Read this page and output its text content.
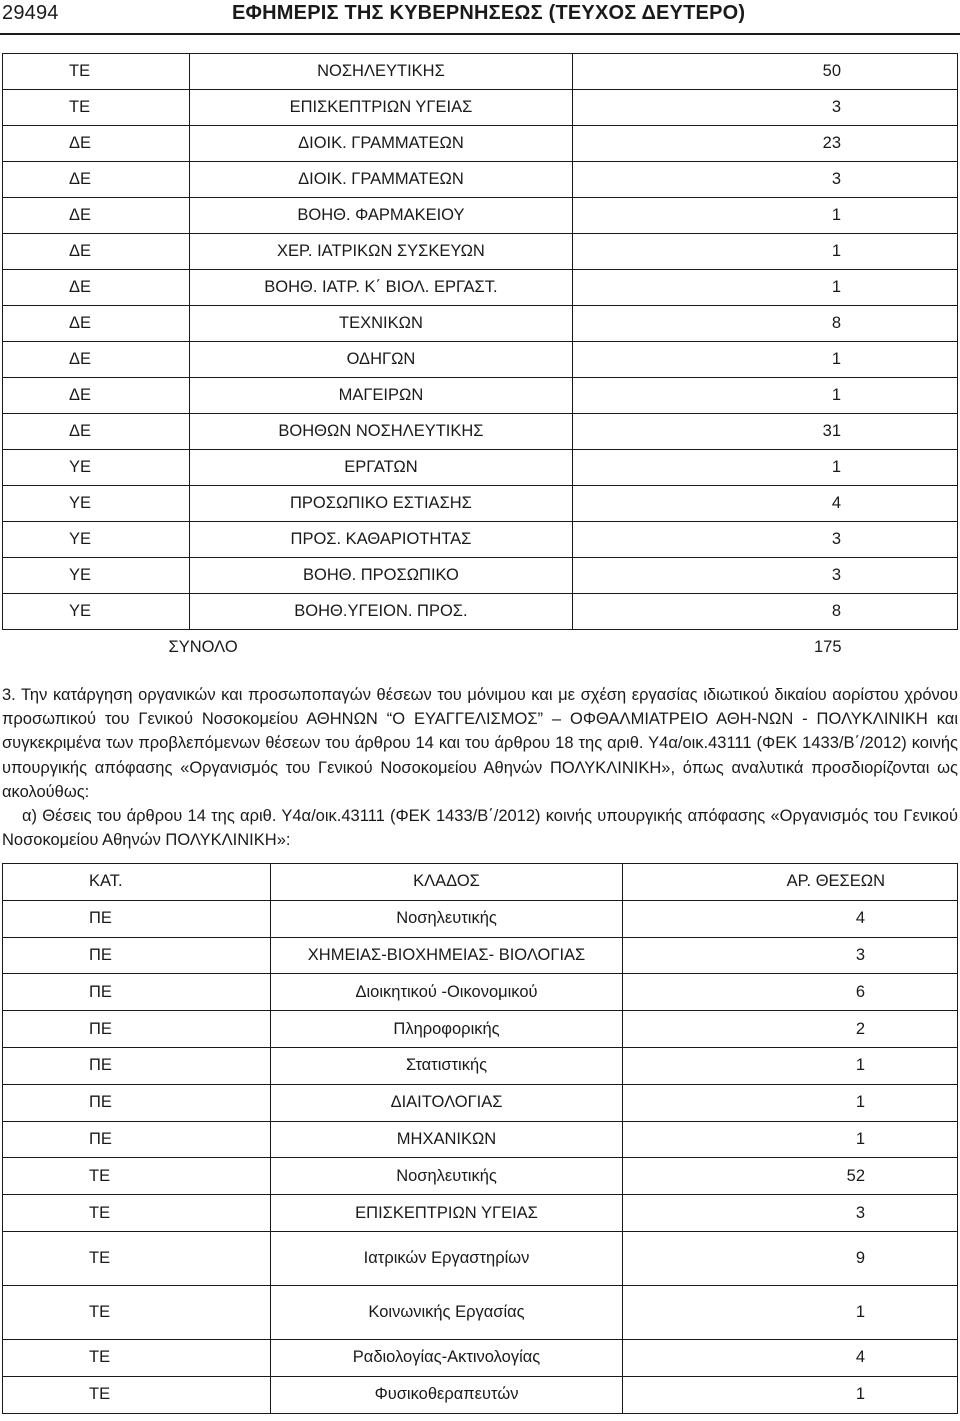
29494	ΕΦΗΜΕΡΙΣ ΤΗΣ ΚΥΒΕΡΝΗΣΕΩΣ (ΤΕΥΧΟΣ ΔΕΥΤΕΡΟ)
ΤΕ	ΝΟΣΗΛΕΥΤΙΚΗΣ	50
ΤΕ	ΕΠΙΣΚΕΠΤΡΙΩΝ ΥΓΕΙΑΣ	3
ΔΕ	ΔΙΟΙΚ. ΓΡΑΜΜΑΤΕΩΝ	23
ΔΕ	ΔΙΟΙΚ. ΓΡΑΜΜΑΤΕΩΝ	3
ΔΕ	ΒΟΗΘ. ΦΑΡΜΑΚΕΙΟΥ	1
ΔΕ	ΧΕΡ. ΙΑΤΡΙΚΩΝ ΣΥΣΚΕΥΩΝ	1
ΔΕ	ΒΟΗΘ. ΙΑΤΡ. Κ΄ ΒΙΟΛ. ΕΡΓΑΣΤ.	1
ΔΕ	ΤΕΧΝΙΚΩΝ	8
ΔΕ	ΟΔΗΓΩΝ	1
ΔΕ	ΜΑΓΕΙΡΩΝ	1
ΔΕ	ΒΟΗΘΩΝ ΝΟΣΗΛΕΥΤΙΚΗΣ	31
ΥΕ	ΕΡΓΑΤΩΝ	1
ΥΕ	ΠΡΟΣΩΠΙΚΟ ΕΣΤΙΑΣΗΣ	4
ΥΕ	ΠΡΟΣ. ΚΑΘΑΡΙΟΤΗΤΑΣ	3
ΥΕ	ΒΟΗΘ. ΠΡΟΣΩΠΙΚΟ	3
ΥΕ	ΒΟΗΘ.ΥΓΕΙΟΝ. ΠΡΟΣ.	8
ΣΥΝΟΛΟ		175

3. Την κατάργηση οργανικών και προσωποπαγών θέσεων του μόνιμου και με σχέση εργασίας ιδιωτικού δικαίου αορίστου χρόνου προσωπικού του Γενικού Νοσοκομείου ΑΘΗΝΩΝ “Ο ΕΥΑΓΓΕΛΙΣΜΟΣ” – ΟΦΘΑΛΜΙΑΤΡΕΙΟ ΑΘΗ-ΝΩΝ - ΠΟΛΥΚΛΙΝΙΚΗ και συγκεκριμένα των προβλεπόμενων θέσεων του άρθρου 14 και του άρθρου 18 της αριθ. Υ4α/οικ.43111 (ΦΕΚ 1433/Β΄/2012) κοινής υπουργικής απόφασης «Οργανισμός του Γενικού Νοσοκομείου Αθηνών ΠΟΛΥΚΛΙΝΙΚΗ», όπως αναλυτικά προσδιορίζονται ως ακολούθως:

α) Θέσεις του άρθρου 14 της αριθ. Υ4α/οικ.43111 (ΦΕΚ 1433/Β΄/2012) κοινής υπουργικής απόφασης «Οργανισμός του Γενικού Νοσοκομείου Αθηνών ΠΟΛΥΚΛΙΝΙΚΗ»:

ΚΑΤ.	ΚΛΑΔΟΣ	ΑΡ. ΘΕΣΕΩΝ
ΠΕ	Νοσηλευτικής	4
ΠΕ	ΧΗΜΕΙΑΣ-ΒΙΟΧΗΜΕΙΑΣ- ΒΙΟΛΟΓΙΑΣ	3
ΠΕ	Διοικητικού -Οικονομικού	6
ΠΕ	Πληροφορικής	2
ΠΕ	Στατιστικής	1
ΠΕ	ΔΙΑΙΤΟΛΟΓΙΑΣ	1
ΠΕ	ΜΗΧΑΝΙΚΩΝ	1
ΤΕ	Νοσηλευτικής	52
ΤΕ	ΕΠΙΣΚΕΠΤΡΙΩΝ ΥΓΕΙΑΣ	3
ΤΕ	Ιατρικών Εργαστηρίων	9
ΤΕ	Κοινωνικής Εργασίας	1
ΤΕ	Ραδιολογίας-Ακτινολογίας	4
ΤΕ	Φυσικοθεραπευτών	1
